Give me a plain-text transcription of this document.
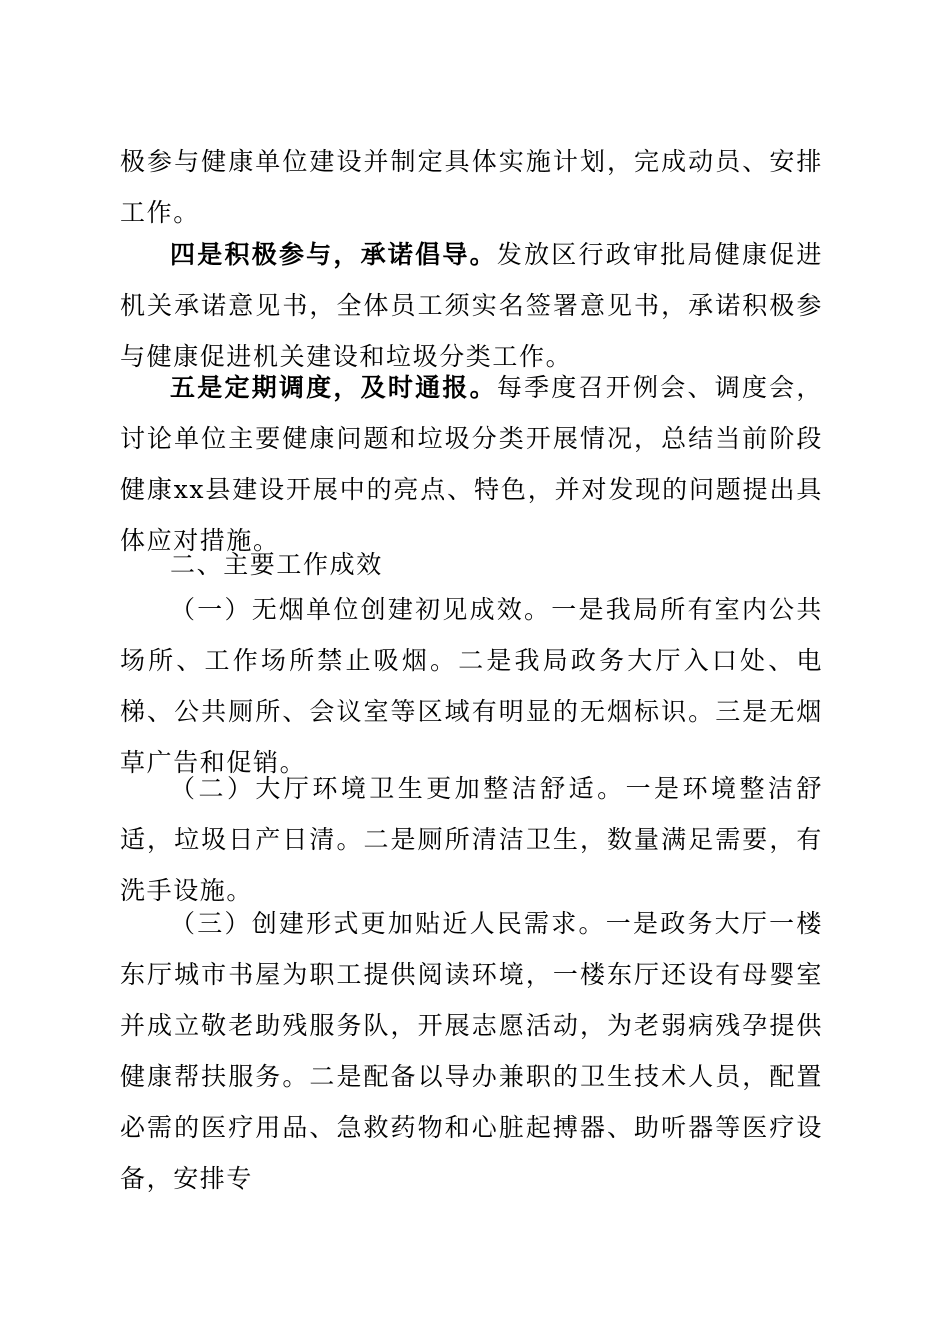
极参与健康单位建设并制定具体实施计划，完成动员、安排工作。

四是积极参与，承诺倡导。发放区行政审批局健康促进机关承诺意见书，全体员工须实名签署意见书，承诺积极参与健康促进机关建设和垃圾分类工作。

五是定期调度，及时通报。每季度召开例会、调度会，讨论单位主要健康问题和垃圾分类开展情况，总结当前阶段健康xx县建设开展中的亮点、特色，并对发现的问题提出具体应对措施。

二、主要工作成效

（一）无烟单位创建初见成效。一是我局所有室内公共场所、工作场所禁止吸烟。二是我局政务大厅入口处、电梯、公共厕所、会议室等区域有明显的无烟标识。三是无烟草广告和促销。

（二）大厅环境卫生更加整洁舒适。一是环境整洁舒适，垃圾日产日清。二是厕所清洁卫生，数量满足需要，有洗手设施。

（三）创建形式更加贴近人民需求。一是政务大厅一楼东厅城市书屋为职工提供阅读环境，一楼东厅还设有母婴室并成立敬老助残服务队，开展志愿活动，为老弱病残孕提供健康帮扶服务。二是配备以导办兼职的卫生技术人员，配置必需的医疗用品、急救药物和心脏起搏器、助听器等医疗设备，安排专
